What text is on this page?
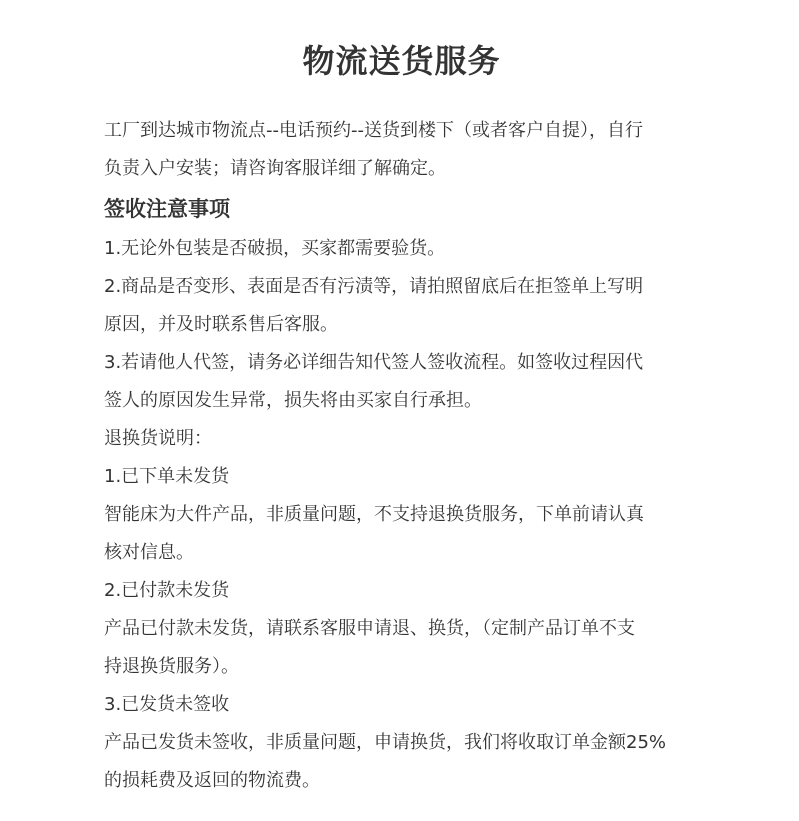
物流送货服务

工厂到达城市物流点--电话预约--送货到楼下（或者客户自提），自行

负责入户安装；请咨询客服详细了解确定。

签收注意事项

1.无论外包装是否破损，买家都需要验货。

2.商品是否变形、表面是否有污渍等，请拍照留底后在拒签单上写明

原因，并及时联系售后客服。

3.若请他人代签，请务必详细告知代签人签收流程。如签收过程因代

签人的原因发生异常，损失将由买家自行承担。

退换货说明：

1.已下单未发货

智能床为大件产品，非质量问题，不支持退换货服务，下单前请认真

核对信息。

2.已付款未发货

产品已付款未发货，请联系客服申请退、换货，（定制产品订单不支

持退换货服务）。

3.已发货未签收

产品已发货未签收，非质量问题，申请换货，我们将收取订单金额25%

的损耗费及返回的物流费。
